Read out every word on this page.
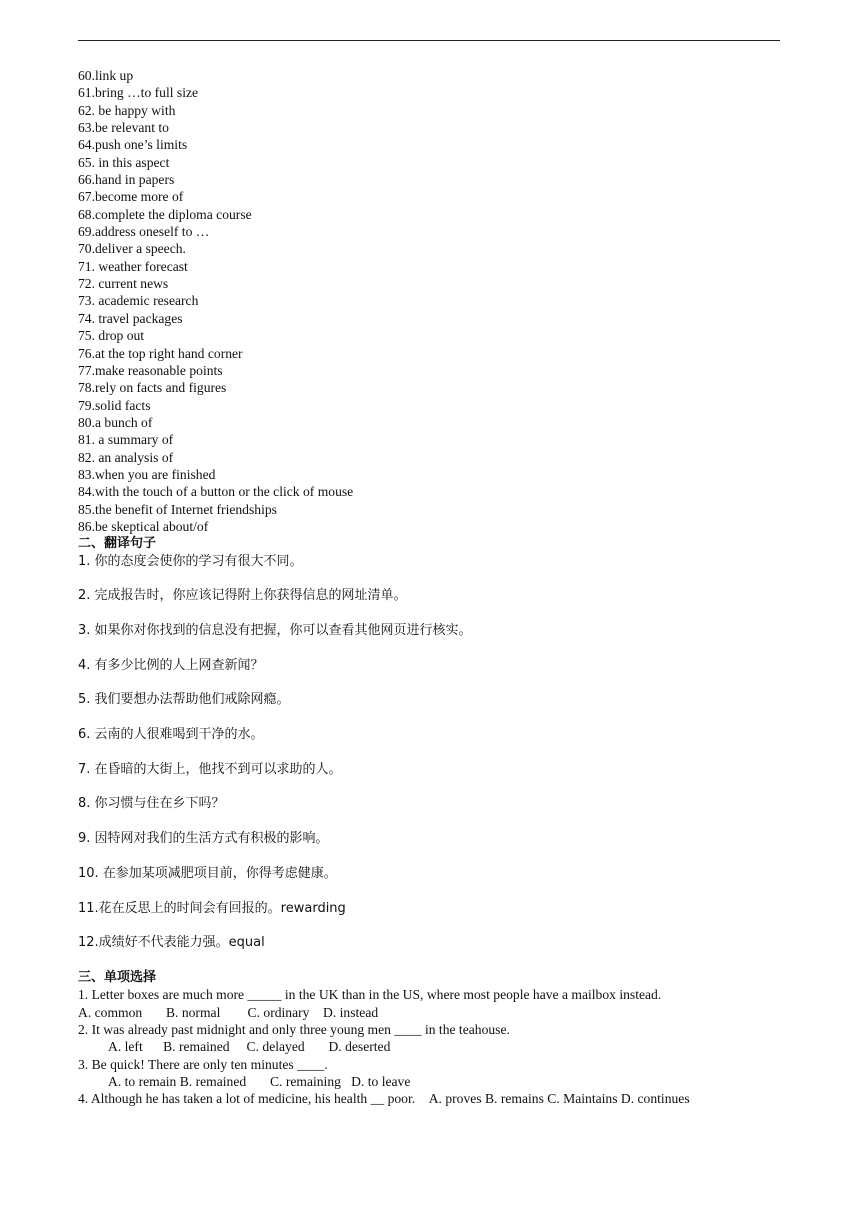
60.link up
61.bring …to full size
62. be happy with
63.be relevant to
64.push one’s limits
65. in this aspect
66.hand in papers
67.become more of
68.complete the diploma course
69.address oneself to …
70.deliver a speech.
71. weather forecast
72. current news
73. academic research
74. travel packages
75. drop out
76.at the top right hand corner
77.make reasonable points
78.rely on facts and figures
79.solid facts
80.a bunch of
81. a summary of
82. an analysis of
83.when you are finished
84.with the touch of a button or the click of mouse
85.the benefit of Internet friendships
86.be skeptical about/of
二、翻译句子
1. 你的态度会使你的学习有很大不同。
2. 完成报告时，你应该记得附上你获得信息的网址清单。
3. 如果你对你找到的信息没有把握，你可以查看其他网页进行核实。
4. 有多少比例的人上网查新闻？
5. 我们要想办法帮助他们戒除网瘾。
6. 云南的人很难喝到干净的水。
7. 在昏暗的大街上，他找不到可以求助的人。
8. 你习惯与住在乡下吗？
9. 因特网对我们的生活方式有积极的影响。
10. 在参加某项减肥项目前，你得考虑健康。
11.花在反思上的时间会有回报的。rewarding
12.成绩好不代表能力强。equal
三、单项选择
1. Letter boxes are much more _____ in the UK than in the US, where most people have a mailbox instead.
A. common       B. normal        C. ordinary    D. instead
2. It was already past midnight and only three young men ____ in the teahouse.
A. left      B. remained     C. delayed       D. deserted
3. Be quick! There are only ten minutes ____.
A. to remain B. remained       C. remaining   D. to leave
4. Although he has taken a lot of medicine, his health __ poor.    A. proves B. remains C. Maintains D. continues
